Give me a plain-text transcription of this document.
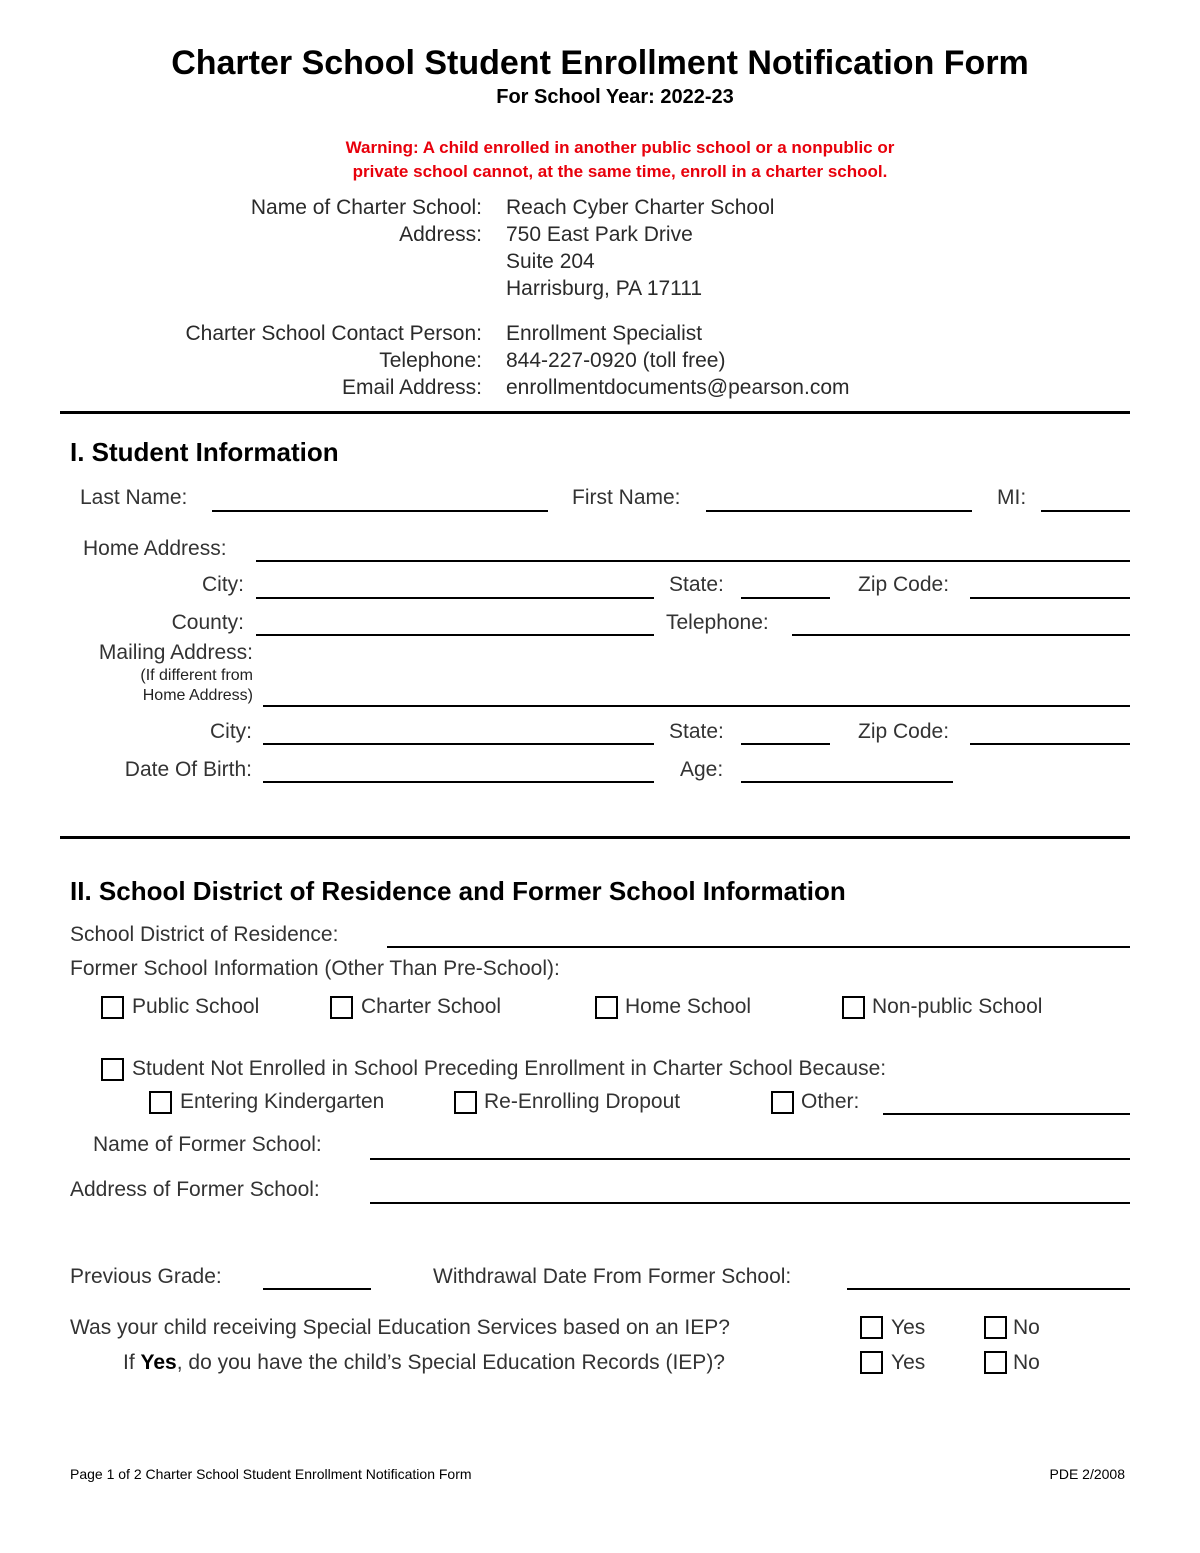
Charter School Student Enrollment Notification Form
For School Year: 2022-23
Warning: A child enrolled in another public school or a nonpublic or
private school cannot, at the same time, enroll in a charter school.
Name of Charter School: Reach Cyber Charter School
Address: 750 East Park Drive
Suite 204
Harrisburg, PA 17111
Charter School Contact Person: Enrollment Specialist
Telephone: 844-227-0920 (toll free)
Email Address: enrollmentdocuments@pearson.com
I. Student Information
Last Name:	First Name:	MI:
Home Address:
City:	State:	Zip Code:
County:	Telephone:
Mailing Address:
(If different from
Home Address)
City:	State:	Zip Code:
Date Of Birth:	Age:
II. School District of Residence and Former School Information
School District of Residence:
Former School Information (Other Than Pre-School):
Public School	Charter School	Home School	Non-public School
Student Not Enrolled in School Preceding Enrollment in Charter School Because:
Entering Kindergarten	Re-Enrolling Dropout	Other:
Name of Former School:
Address of Former School:
Previous Grade:	Withdrawal Date From Former School:
Was your child receiving Special Education Services based on an IEP?	Yes	No
If Yes, do you have the child’s Special Education Records (IEP)?	Yes	No
Page 1 of 2 Charter School Student Enrollment Notification Form	PDE 2/2008
